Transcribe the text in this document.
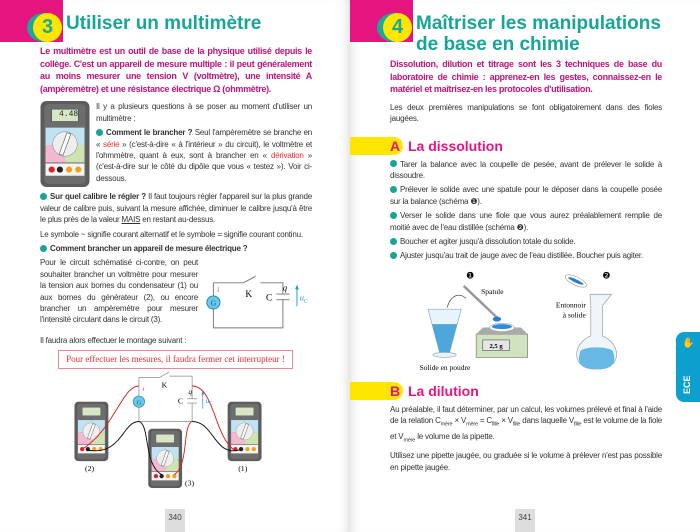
3 Utiliser un multimètre
Le multimètre est un outil de base de la physique utilisé depuis le collège. C'est un appareil de mesure multiple : il peut généralement au moins mesurer une tension V (voltmètre), une intensité A (ampèremètre) et une résistance électrique Ω (ohmmètre).
4.48

Il y a plusieurs questions à se poser au moment d'utiliser un multimètre :

Comment le brancher ? Seul l'ampèremètre se branche en « série » (c'est-à-dire « à l'intérieur » du circuit), le voltmètre et l'ohmmètre, quant à eux, sont à brancher en « dérivation » (c'est-à-dire sur le côté du dipôle que vous « testez »). Voir ci-dessous.

Sur quel calibre le régler ? Il faut toujours régler l'appareil sur la plus grande valeur de calibre puis, suivant la mesure affichée, diminuer le calibre jusqu'à être le plus près de la valeur MAIS en restant au-dessus.

Le symbole ~ signifie courant alternatif et le symbole = signifie courant continu.

Comment brancher un appareil de mesure électrique ?

K
G
i
C
q
$u_C$

Pour le circuit schématisé ci-contre, on peut souhaiter brancher un voltmètre pour mesurer la tension aux bornes du condensateur (1) ou aux bornes du générateur (2), ou encore brancher un ampèremètre pour mesurer l'intensité circulant dans le circuit (3).

Il faudra alors effectuer le montage suivant :

Pour effectuer les mesures, il faudra fermer cet interrupteur !
K
G
i
C
q
$u_C$
(2)
(3)
(1)
340
4 Maîtriser les manipulations
de base en chimie
Dissolution, dilution et titrage sont les 3 techniques de base du laboratoire de chimie : apprenez-en les gestes, connaissez-en le matériel et maîtrisez-en les protocoles d'utilisation.

Les deux premières manipulations se font obligatoirement dans des fioles jaugées.

A La dissolution

Tarer la balance avec la coupelle de pesée, avant de prélever le solide à dissoudre.

Prélever le solide avec une spatule pour le déposer dans la coupelle posée sur la balance (schéma ❶).

Verser le solide dans une fiole que vous aurez préalablement remplie de moitié avec de l'eau distillée (schéma ❷).

Boucher et agiter jusqu'à dissolution totale du solide.

Ajuster jusqu'au trait de jauge avec de l'eau distillée. Boucher puis agiter.

❶	❷
Spatule
Solide en poudre
2,5 g
Entonnoir à solide
B La dilution

Au préalable, il faut déterminer, par un calcul, les volumes prélevé et final à l'aide de la relation $C_{mère} \times V_{mère} = C_{fille} \times V_{fille}$ dans laquelle $V_{fille}$ est le volume de la fiole et $V_{mère}$ le volume de la pipette.

Utilisez une pipette jaugée, ou graduée si le volume à prélever n'est pas possible en pipette jaugée.

341
✋
ECE
